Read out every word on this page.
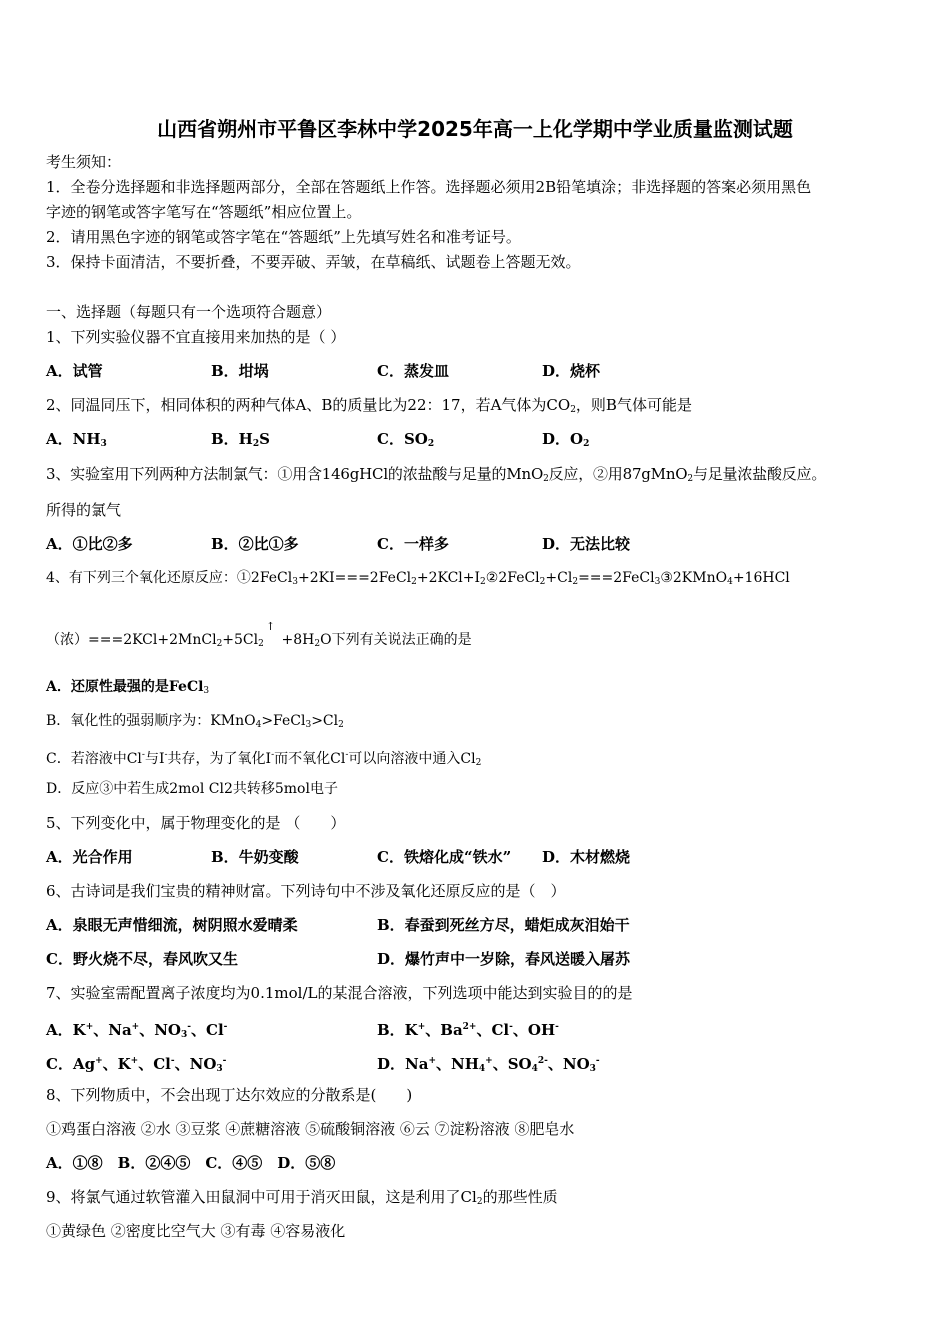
山西省朔州市平鲁区李林中学2025年高一上化学期中学业质量监测试题
考生须知：
1．全卷分选择题和非选择题两部分，全部在答题纸上作答。选择题必须用2B铅笔填涂；非选择题的答案必须用黑色
字迹的钢笔或答字笔写在“答题纸”相应位置上。
2．请用黑色字迹的钢笔或答字笔在“答题纸”上先填写姓名和准考证号。
3．保持卡面清洁，不要折叠，不要弄破、弄皱，在草稿纸、试题卷上答题无效。
一、选择题（每题只有一个选项符合题意）
1、下列实验仪器不宜直接用来加热的是（ ）
A．试管	B．坩埚	C．蒸发皿	D．烧杯
2、同温同压下，相同体积的两种气体A、B的质量比为22：17，若A气体为$CO_2$，则B气体可能是
A．$NH_3$	B．$H_2S$	C．$SO_2$	D．$O_2$
3、实验室用下列两种方法制氯气：①用含146gHCl的浓盐酸与足量的MnO$_2$反应，②用87gMnO$_2$与足量浓盐酸反应。
所得的氯气
A．①比②多	B．②比①多	C．一样多	D．无法比较
4、有下列三个氧化还原反应：$①2FeCl_3+2KI===2FeCl_2+2KCl+I_2②2FeCl_2+Cl_2===2FeCl_3③2KMnO_4+16HCl$
（浓）$===2KCl+2MnCl_2+5Cl_2^↑ +8H_2O$下列有关说法正确的是
A．还原性最强的是FeCl$_3$
B．氧化性的强弱顺序为：$KMnO_4>FeCl_3>Cl_2$
C．若溶液中Cl-与I-共存，为了氧化I-而不氧化Cl-可以向溶液中通入$Cl_2$
D．反应③中若生成2mol Cl2共转移5mol电子
5、下列变化中，属于物理变化的是 （　　）
A．光合作用	B．牛奶变酸	C．铁熔化成“铁水” D．木材燃烧
6、古诗词是我们宝贵的精神财富。下列诗句中不涉及氧化还原反应的是（　）
A．泉眼无声惜细流，树阴照水爱晴柔	B．春蚕到死丝方尽，蜡炬成灰泪始干
C．野火烧不尽，春风吹又生	D．爆竹声中一岁除，春风送暖入屠苏
7、实验室需配置离子浓度均为0.1mol/L的某混合溶液，下列选项中能达到实验目的的是
A．K+、Na+、$NO_3^-$、Cl-	B．K+、$Ba^{2+}$、Cl-、OH-
C．Ag+、K+、Cl-、$NO_3^-$	D．Na+、$NH_4^+$、$SO_4^{2-}$、$NO_3^-$
8、下列物质中，不会出现丁达尔效应的分散系是(　　)
①鸡蛋白溶液 ②水 ③豆浆 ④蔗糖溶液 ⑤硫酸铜溶液 ⑥云 ⑦淀粉溶液 ⑧肥皂水
A．①⑧　B．②④⑤　C．④⑤　D．⑤⑧
9、将氯气通过软管灌入田鼠洞中可用于消灭田鼠，这是利用了$Cl_2$的那些性质
①黄绿色 ②密度比空气大 ③有毒 ④容易液化
